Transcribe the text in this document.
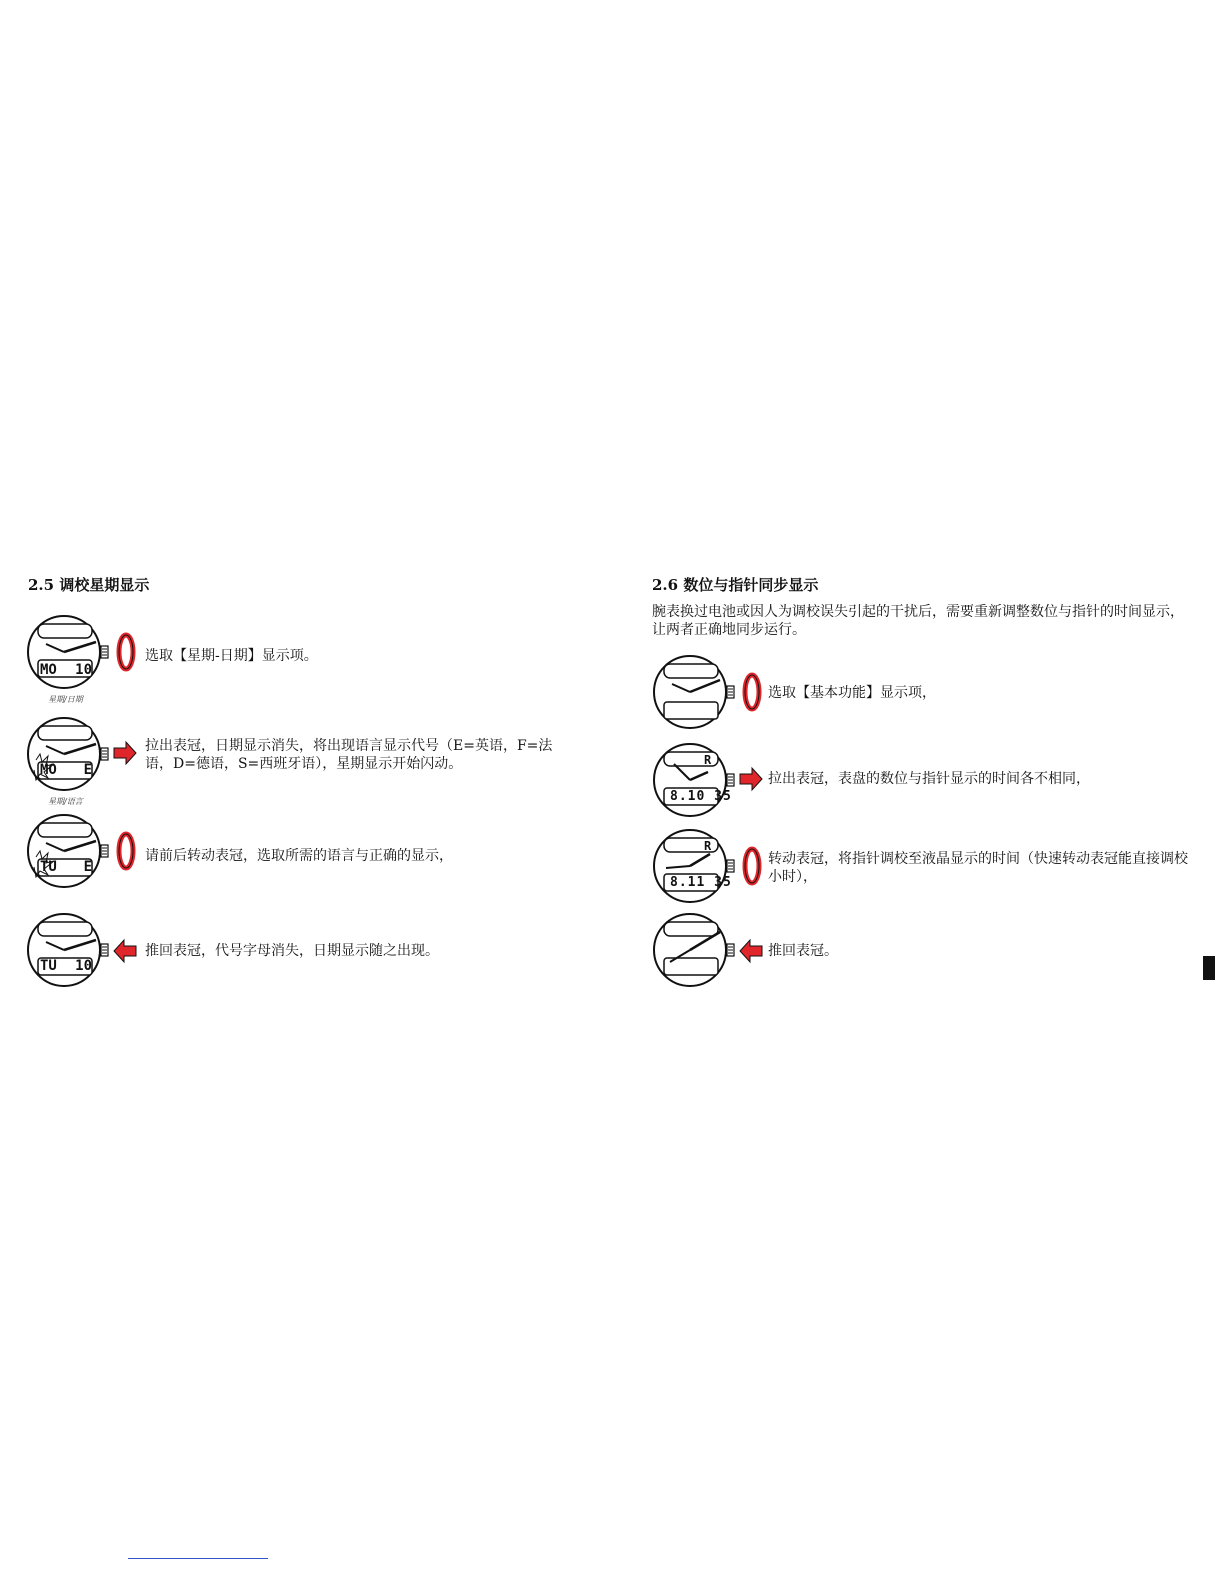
2.5 调校星期显示
MO 10
星期/日期
选取【星期-日期】显示项。
MO E
星期/语言
拉出表冠，日期显示消失，将出现语言显示代号（E=英语，F=法语，D=德语，S=西班牙语），星期显示开始闪动。
TU E
请前后转动表冠，选取所需的语言与正确的显示，
TU 10
推回表冠，代号字母消失，日期显示随之出现。
2.6 数位与指针同步显示
腕表换过电池或因人为调校误失引起的干扰后，需要重新调整数位与指针的时间显示，让两者正确地同步运行。
选取【基本功能】显示项，
R
8.10 35
拉出表冠，表盘的数位与指针显示的时间各不相同，
R
8.11 35
转动表冠，将指针调校至液晶显示的时间（快速转动表冠能直接调校小时），
推回表冠。
